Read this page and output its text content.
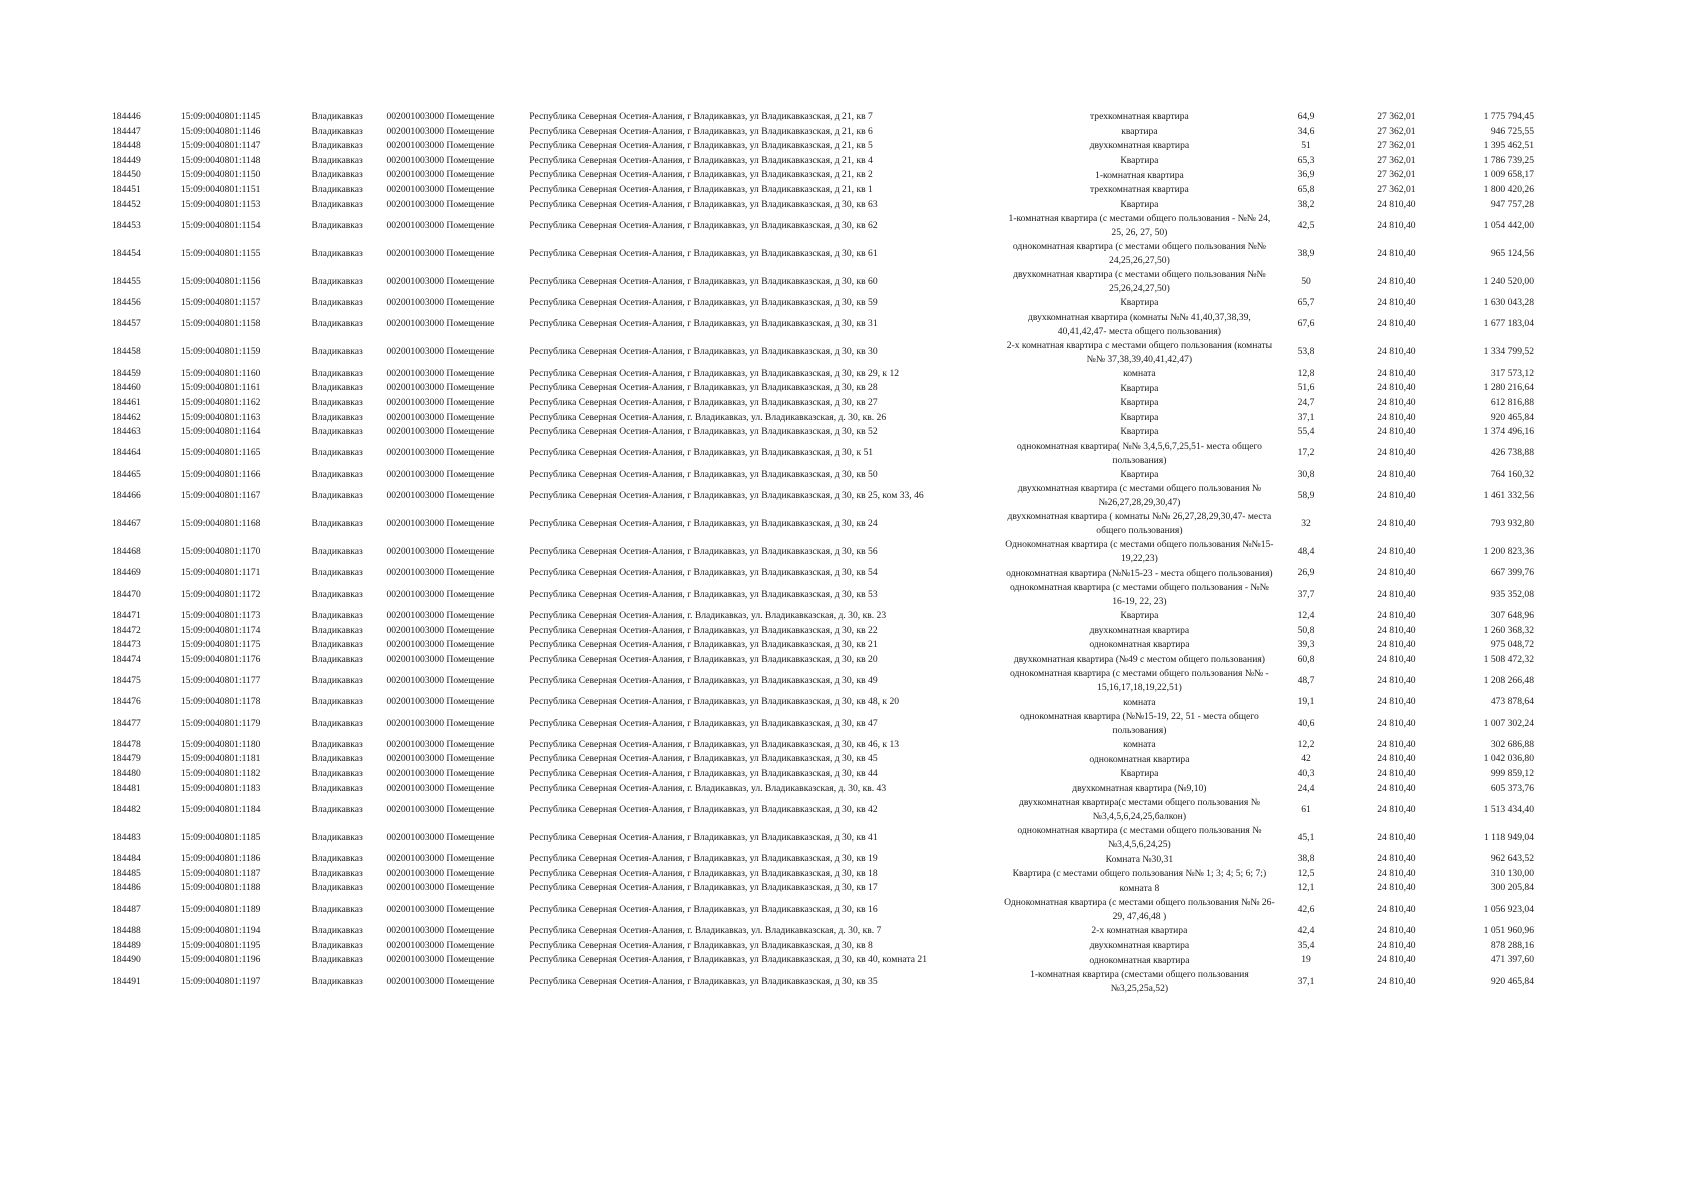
184446	15:09:0040801:1145	Владикавказ	002001003000 Помещение	Республика Северная Осетия-Алания, г Владикавказ, ул Владикавказская, д 21, кв 7	трехкомнатная квартира	64,9	27 362,01	1 775 794,45
184447	15:09:0040801:1146	Владикавказ	002001003000 Помещение	Республика Северная Осетия-Алания, г Владикавказ, ул Владикавказская, д 21, кв 6	квартира	34,6	27 362,01	946 725,55
184448	15:09:0040801:1147	Владикавказ	002001003000 Помещение	Республика Северная Осетия-Алания, г Владикавказ, ул Владикавказская, д 21, кв 5	двухкомнатная квартира	51	27 362,01	1 395 462,51
184449	15:09:0040801:1148	Владикавказ	002001003000 Помещение	Республика Северная Осетия-Алания, г Владикавказ, ул Владикавказская, д 21, кв 4	Квартира	65,3	27 362,01	1 786 739,25
184450	15:09:0040801:1150	Владикавказ	002001003000 Помещение	Республика Северная Осетия-Алания, г Владикавказ, ул Владикавказская, д 21, кв 2	1-комнатная квартира	36,9	27 362,01	1 009 658,17
184451	15:09:0040801:1151	Владикавказ	002001003000 Помещение	Республика Северная Осетия-Алания, г Владикавказ, ул Владикавказская, д 21, кв 1	трехкомнатная квартира	65,8	27 362,01	1 800 420,26
184452	15:09:0040801:1153	Владикавказ	002001003000 Помещение	Республика Северная Осетия-Алания, г Владикавказ, ул Владикавказская, д 30, кв 63	Квартира	38,2	24 810,40	947 757,28
184453	15:09:0040801:1154	Владикавказ	002001003000 Помещение	Республика Северная Осетия-Алания, г Владикавказ, ул Владикавказская, д 30, кв 62	1-комнатная квартира (с местами общего пользования - №№ 24, 25, 26, 27, 50)	42,5	24 810,40	1 054 442,00
184454	15:09:0040801:1155	Владикавказ	002001003000 Помещение	Республика Северная Осетия-Алания, г Владикавказ, ул Владикавказская, д 30, кв 61	однокомнатная квартира (с местами общего пользования №№ 24,25,26,27,50)	38,9	24 810,40	965 124,56
184455	15:09:0040801:1156	Владикавказ	002001003000 Помещение	Республика Северная Осетия-Алания, г Владикавказ, ул Владикавказская, д 30, кв 60	двухкомнатная квартира (с местами общего пользования №№ 25,26,24,27,50)	50	24 810,40	1 240 520,00
184456	15:09:0040801:1157	Владикавказ	002001003000 Помещение	Республика Северная Осетия-Алания, г Владикавказ, ул Владикавказская, д 30, кв 59	Квартира	65,7	24 810,40	1 630 043,28
184457	15:09:0040801:1158	Владикавказ	002001003000 Помещение	Республика Северная Осетия-Алания, г Владикавказ, ул Владикавказская, д 30, кв 31	двухкомнатная квартира (комнаты №№ 41,40,37,38,39, 40,41,42,47- места общего пользования)	67,6	24 810,40	1 677 183,04
184458	15:09:0040801:1159	Владикавказ	002001003000 Помещение	Республика Северная Осетия-Алания, г Владикавказ, ул Владикавказская, д 30, кв 30	2-х комнатная квартира с местами общего пользования (комнаты №№ 37,38,39,40,41,42,47)	53,8	24 810,40	1 334 799,52
184459	15:09:0040801:1160	Владикавказ	002001003000 Помещение	Республика Северная Осетия-Алания, г Владикавказ, ул Владикавказская, д 30, кв 29, к 12	комната	12,8	24 810,40	317 573,12
184460	15:09:0040801:1161	Владикавказ	002001003000 Помещение	Республика Северная Осетия-Алания, г Владикавказ, ул Владикавказская, д 30, кв 28	Квартира	51,6	24 810,40	1 280 216,64
184461	15:09:0040801:1162	Владикавказ	002001003000 Помещение	Республика Северная Осетия-Алания, г Владикавказ, ул Владикавказская, д 30, кв 27	Квартира	24,7	24 810,40	612 816,88
184462	15:09:0040801:1163	Владикавказ	002001003000 Помещение	Республика Северная Осетия-Алания, г. Владикавказ, ул. Владикавказская, д. 30, кв. 26	Квартира	37,1	24 810,40	920 465,84
184463	15:09:0040801:1164	Владикавказ	002001003000 Помещение	Республика Северная Осетия-Алания, г Владикавказ, ул Владикавказская, д 30, кв 52	Квартира	55,4	24 810,40	1 374 496,16
184464	15:09:0040801:1165	Владикавказ	002001003000 Помещение	Республика Северная Осетия-Алания, г Владикавказ, ул Владикавказская, д 30, к 51	однокомнатная квартира( №№ 3,4,5,6,7,25,51- места общего пользования)	17,2	24 810,40	426 738,88
184465	15:09:0040801:1166	Владикавказ	002001003000 Помещение	Республика Северная Осетия-Алания, г Владикавказ, ул Владикавказская, д 30, кв 50	Квартира	30,8	24 810,40	764 160,32
184466	15:09:0040801:1167	Владикавказ	002001003000 Помещение	Республика Северная Осетия-Алания, г Владикавказ, ул Владикавказская, д 30, кв 25, ком 33, 46	двухкомнатная квартира (с местами общего пользования №№26,27,28,29,30,47)	58,9	24 810,40	1 461 332,56
184467	15:09:0040801:1168	Владикавказ	002001003000 Помещение	Республика Северная Осетия-Алания, г Владикавказ, ул Владикавказская, д 30, кв 24	двухкомнатная квартира ( комнаты №№ 26,27,28,29,30,47- места общего пользования)	32	24 810,40	793 932,80
184468	15:09:0040801:1170	Владикавказ	002001003000 Помещение	Республика Северная Осетия-Алания, г Владикавказ, ул Владикавказская, д 30, кв 56	Однокомнатная квартира (с местами общего пользования №№15-19,22,23)	48,4	24 810,40	1 200 823,36
184469	15:09:0040801:1171	Владикавказ	002001003000 Помещение	Республика Северная Осетия-Алания, г Владикавказ, ул Владикавказская, д 30, кв 54	однокомнатная квартира (№№15-23 - места общего пользования)	26,9	24 810,40	667 399,76
184470	15:09:0040801:1172	Владикавказ	002001003000 Помещение	Республика Северная Осетия-Алания, г Владикавказ, ул Владикавказская, д 30, кв 53	однокомнатная квартира (с местами общего пользования - №№ 16-19, 22, 23)	37,7	24 810,40	935 352,08
184471	15:09:0040801:1173	Владикавказ	002001003000 Помещение	Республика Северная Осетия-Алания, г. Владикавказ, ул. Владикавказская, д. 30, кв. 23	Квартира	12,4	24 810,40	307 648,96
184472	15:09:0040801:1174	Владикавказ	002001003000 Помещение	Республика Северная Осетия-Алания, г Владикавказ, ул Владикавказская, д 30, кв 22	двухкомнатная квартира	50,8	24 810,40	1 260 368,32
184473	15:09:0040801:1175	Владикавказ	002001003000 Помещение	Республика Северная Осетия-Алания, г Владикавказ, ул Владикавказская, д 30, кв 21	однокомнатная квартира	39,3	24 810,40	975 048,72
184474	15:09:0040801:1176	Владикавказ	002001003000 Помещение	Республика Северная Осетия-Алания, г Владикавказ, ул Владикавказская, д 30, кв 20	двухкомнатная квартира (№49 с местом общего пользования)	60,8	24 810,40	1 508 472,32
184475	15:09:0040801:1177	Владикавказ	002001003000 Помещение	Республика Северная Осетия-Алания, г Владикавказ, ул Владикавказская, д 30, кв 49	однокомнатная квартира (с местами общего пользования №№ - 15,16,17,18,19,22,51)	48,7	24 810,40	1 208 266,48
184476	15:09:0040801:1178	Владикавказ	002001003000 Помещение	Республика Северная Осетия-Алания, г Владикавказ, ул Владикавказская, д 30, кв 48, к 20	комната	19,1	24 810,40	473 878,64
184477	15:09:0040801:1179	Владикавказ	002001003000 Помещение	Республика Северная Осетия-Алания, г Владикавказ, ул Владикавказская, д 30, кв 47	однокомнатная квартира (№№15-19, 22, 51 - места общего пользования)	40,6	24 810,40	1 007 302,24
184478	15:09:0040801:1180	Владикавказ	002001003000 Помещение	Республика Северная Осетия-Алания, г Владикавказ, ул Владикавказская, д 30, кв 46, к 13	комната	12,2	24 810,40	302 686,88
184479	15:09:0040801:1181	Владикавказ	002001003000 Помещение	Республика Северная Осетия-Алания, г Владикавказ, ул Владикавказская, д 30, кв 45	однокомнатная квартира	42	24 810,40	1 042 036,80
184480	15:09:0040801:1182	Владикавказ	002001003000 Помещение	Республика Северная Осетия-Алания, г Владикавказ, ул Владикавказская, д 30, кв 44	Квартира	40,3	24 810,40	999 859,12
184481	15:09:0040801:1183	Владикавказ	002001003000 Помещение	Республика Северная Осетия-Алания, г. Владикавказ, ул. Владикавказская, д. 30, кв. 43	двухкомнатная квартира (№9,10)	24,4	24 810,40	605 373,76
184482	15:09:0040801:1184	Владикавказ	002001003000 Помещение	Республика Северная Осетия-Алания, г Владикавказ, ул Владикавказская, д 30, кв 42	двухкомнатная квартира(с местами общего пользования №№3,4,5,6,24,25,балкон)	61	24 810,40	1 513 434,40
184483	15:09:0040801:1185	Владикавказ	002001003000 Помещение	Республика Северная Осетия-Алания, г Владикавказ, ул Владикавказская, д 30, кв 41	однокомнатная квартира (с местами общего пользования №№3,4,5,6,24,25)	45,1	24 810,40	1 118 949,04
184484	15:09:0040801:1186	Владикавказ	002001003000 Помещение	Республика Северная Осетия-Алания, г Владикавказ, ул Владикавказская, д 30, кв 19	Комната №30,31	38,8	24 810,40	962 643,52
184485	15:09:0040801:1187	Владикавказ	002001003000 Помещение	Республика Северная Осетия-Алания, г Владикавказ, ул Владикавказская, д 30, кв 18	Квартира (с местами общего пользования №№ 1; 3; 4; 5; 6; 7;)	12,5	24 810,40	310 130,00
184486	15:09:0040801:1188	Владикавказ	002001003000 Помещение	Республика Северная Осетия-Алания, г Владикавказ, ул Владикавказская, д 30, кв 17	комната 8	12,1	24 810,40	300 205,84
184487	15:09:0040801:1189	Владикавказ	002001003000 Помещение	Республика Северная Осетия-Алания, г Владикавказ, ул Владикавказская, д 30, кв 16	Однокомнатная квартира (с местами общего пользования №№ 26-29, 47,46,48 )	42,6	24 810,40	1 056 923,04
184488	15:09:0040801:1194	Владикавказ	002001003000 Помещение	Республика Северная Осетия-Алания, г. Владикавказ, ул. Владикавказская, д. 30, кв. 7	2-х комнатная квартира	42,4	24 810,40	1 051 960,96
184489	15:09:0040801:1195	Владикавказ	002001003000 Помещение	Республика Северная Осетия-Алания, г Владикавказ, ул Владикавказская, д 30, кв 8	двухкомнатная квартира	35,4	24 810,40	878 288,16
184490	15:09:0040801:1196	Владикавказ	002001003000 Помещение	Республика Северная Осетия-Алания, г Владикавказ, ул Владикавказская, д 30, кв 40, комната 21	однокомнатная квартира	19	24 810,40	471 397,60
184491	15:09:0040801:1197	Владикавказ	002001003000 Помещение	Республика Северная Осетия-Алания, г Владикавказ, ул Владикавказская, д 30, кв 35	1-комнатная квартира (сместами общего пользования №3,25,25а,52)	37,1	24 810,40	920 465,84
